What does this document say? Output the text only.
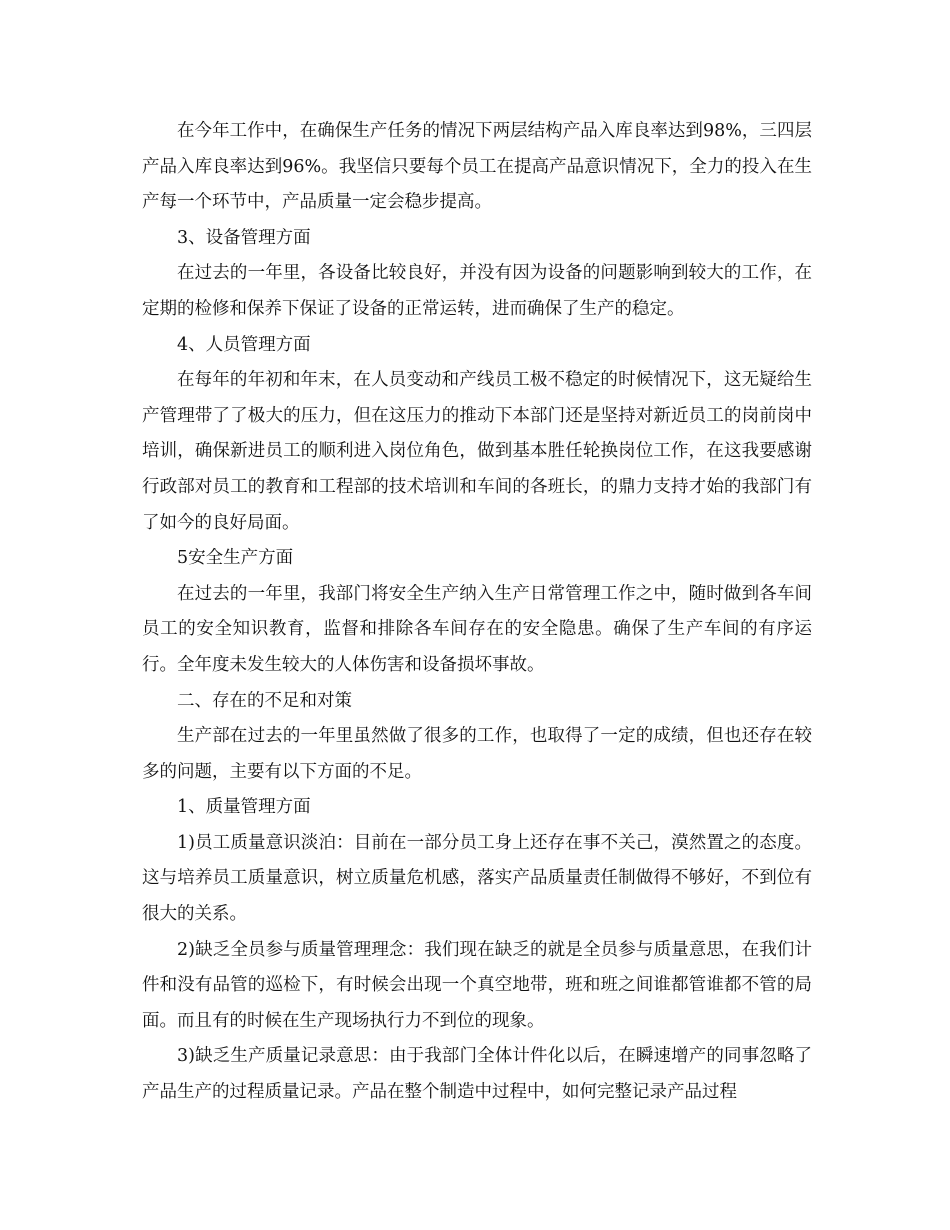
在今年工作中，在确保生产任务的情况下两层结构产品入库良率达到98%，三四层产品入库良率达到96%。我坚信只要每个员工在提高产品意识情况下，全力的投入在生产每一个环节中，产品质量一定会稳步提高。

3、设备管理方面

在过去的一年里，各设备比较良好，并没有因为设备的问题影响到较大的工作，在定期的检修和保养下保证了设备的正常运转，进而确保了生产的稳定。

4、人员管理方面

在每年的年初和年末，在人员变动和产线员工极不稳定的时候情况下，这无疑给生产管理带了了极大的压力，但在这压力的推动下本部门还是坚持对新近员工的岗前岗中培训，确保新进员工的顺利进入岗位角色，做到基本胜任轮换岗位工作，在这我要感谢行政部对员工的教育和工程部的技术培训和车间的各班长，的鼎力支持才始的我部门有了如今的良好局面。

5安全生产方面

在过去的一年里，我部门将安全生产纳入生产日常管理工作之中，随时做到各车间员工的安全知识教育，监督和排除各车间存在的安全隐患。确保了生产车间的有序运行。全年度未发生较大的人体伤害和设备损坏事故。

二、存在的不足和对策

生产部在过去的一年里虽然做了很多的工作，也取得了一定的成绩，但也还存在较多的问题，主要有以下方面的不足。

1、质量管理方面

1)员工质量意识淡泊：目前在一部分员工身上还存在事不关己，漠然置之的态度。这与培养员工质量意识，树立质量危机感，落实产品质量责任制做得不够好，不到位有很大的关系。

2)缺乏全员参与质量管理理念：我们现在缺乏的就是全员参与质量意思，在我们计件和没有品管的巡检下，有时候会出现一个真空地带，班和班之间谁都管谁都不管的局面。而且有的时候在生产现场执行力不到位的现象。

3)缺乏生产质量记录意思：由于我部门全体计件化以后，在瞬速增产的同事忽略了产品生产的过程质量记录。产品在整个制造中过程中，如何完整记录产品过程
